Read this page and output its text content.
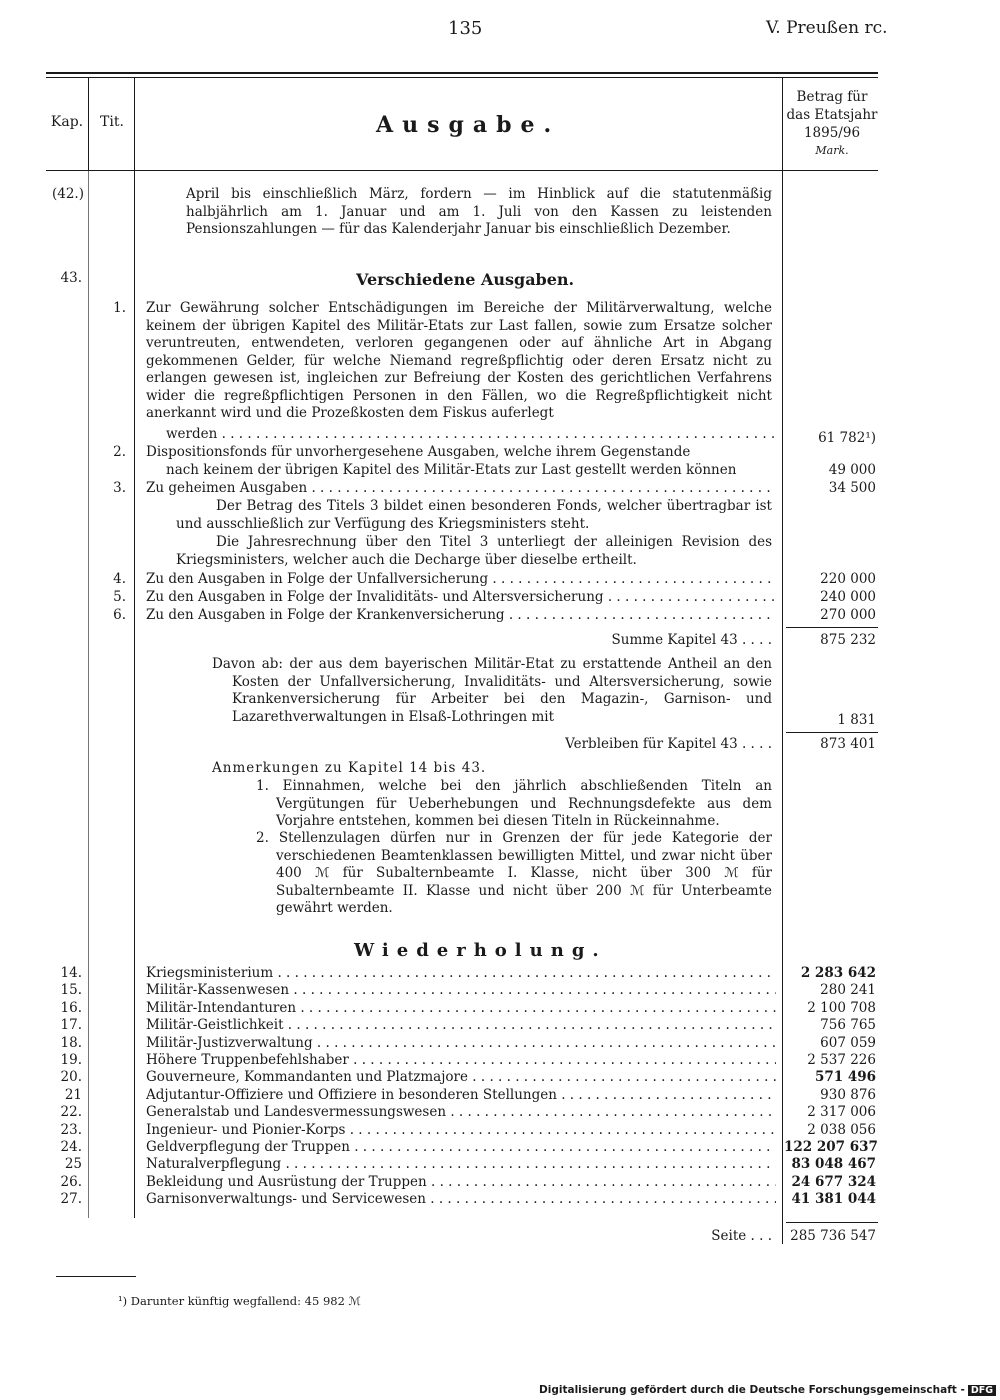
135	V. Preußen rc.
Kap.	Tit.	Ausgabe.
Betrag für
das Etatsjahr
1895/96
Mark.
(42.)	April bis einschließlich März, fordern — im Hinblick auf die statutenmäßig halbjährlich am 1. Januar und am 1. Juli von den Kassen zu leistenden Pensionszahlungen — für das Kalenderjahr Januar bis einschließlich Dezember.
43.	Verschiedene Ausgaben.
1. Zur Gewährung solcher Entschädigungen im Bereiche der Militärverwaltung, welche keinem der übrigen Kapitel des Militär-Etats zur Last fallen, sowie zum Ersatze solcher veruntreuten, entwendeten, verloren gegangenen oder auf ähnliche Art in Abgang gekommenen Gelder, für welche Niemand regreßpflichtig oder deren Ersatz nicht zu erlangen gewesen ist, ingleichen zur Befreiung der Kosten des gerichtlichen Verfahrens wider die regreßpflichtigen Personen in den Fällen, wo die Regreßpflichtigkeit nicht anerkannt wird und die Prozeßkosten dem Fiskus auferlegt
werden . . .	61 782¹)
2. Dispositionsfonds für unvorhergesehene Ausgaben, welche ihrem Gegenstande
nach keinem der übrigen Kapitel des Militär-Etats zur Last gestellt werden können	49 000
3. Zu geheimen Ausgaben . . .	34 500
Der Betrag des Titels 3 bildet einen besonderen Fonds, welcher übertragbar ist und ausschließlich zur Verfügung des Kriegsministers steht.
Die Jahresrechnung über den Titel 3 unterliegt der alleinigen Revision des Kriegsministers, welcher auch die Decharge über dieselbe ertheilt.
4. Zu den Ausgaben in Folge der Unfallversicherung . . .	220 000
5. Zu den Ausgaben in Folge der Invaliditäts- und Altersversicherung . . .	240 000
6. Zu den Ausgaben in Folge der Krankenversicherung . . .	270 000
Summe Kapitel 43 . . . .	875 232
Davon ab: der aus dem bayerischen Militär-Etat zu erstattende Antheil an den Kosten der Unfallversicherung, Invaliditäts- und Altersversicherung, sowie Krankenversicherung für Arbeiter bei den Magazin-, Garnison- und Lazarethverwaltungen in Elsaß-Lothringen mit	1 831
Verbleiben für Kapitel 43 . . . .	873 401
Anmerkungen zu Kapitel 14 bis 43.
1. Einnahmen, welche bei den jährlich abschließenden Titeln an Vergütungen für Ueberhebungen und Rechnungsdefekte aus dem Vorjahre entstehen, kommen bei diesen Titeln in Rückeinnahme.
2. Stellenzulagen dürfen nur in Grenzen der für jede Kategorie der verschiedenen Beamtenklassen bewilligten Mittel, und zwar nicht über 400 ℳ für Subalternbeamte I. Klasse, nicht über 300 ℳ für Subalternbeamte II. Klasse und nicht über 200 ℳ für Unterbeamte gewährt werden.
Wiederholung.
14.	Kriegsministerium . . .	2 283 642
15.	Militär-Kassenwesen . . .	280 241
16.	Militär-Intendanturen . . .	2 100 708
17.	Militär-Geistlichkeit . . .	756 765
18.	Militär-Justizverwaltung . . .	607 059
19.	Höhere Truppenbefehlshaber . . .	2 537 226
20.	Gouverneure, Kommandanten und Platzmajore . . .	571 496
21	Adjutantur-Offiziere und Offiziere in besonderen Stellungen . . .	930 876
22.	Generalstab und Landesvermessungswesen . . .	2 317 006
23.	Ingenieur- und Pionier-Korps . . .	2 038 056
24.	Geldverpflegung der Truppen . . .	122 207 637
25	Naturalverpflegung . . .	83 048 467
26.	Bekleidung und Ausrüstung der Truppen . . .	24 677 324
27.	Garnisonverwaltungs- und Servicewesen . . .	41 381 044
Seite . . .	285 736 547
¹) Darunter künftig wegfallend: 45 982 ℳ
Digitalisierung gefördert durch die Deutsche Forschungsgemeinschaft - DFG
